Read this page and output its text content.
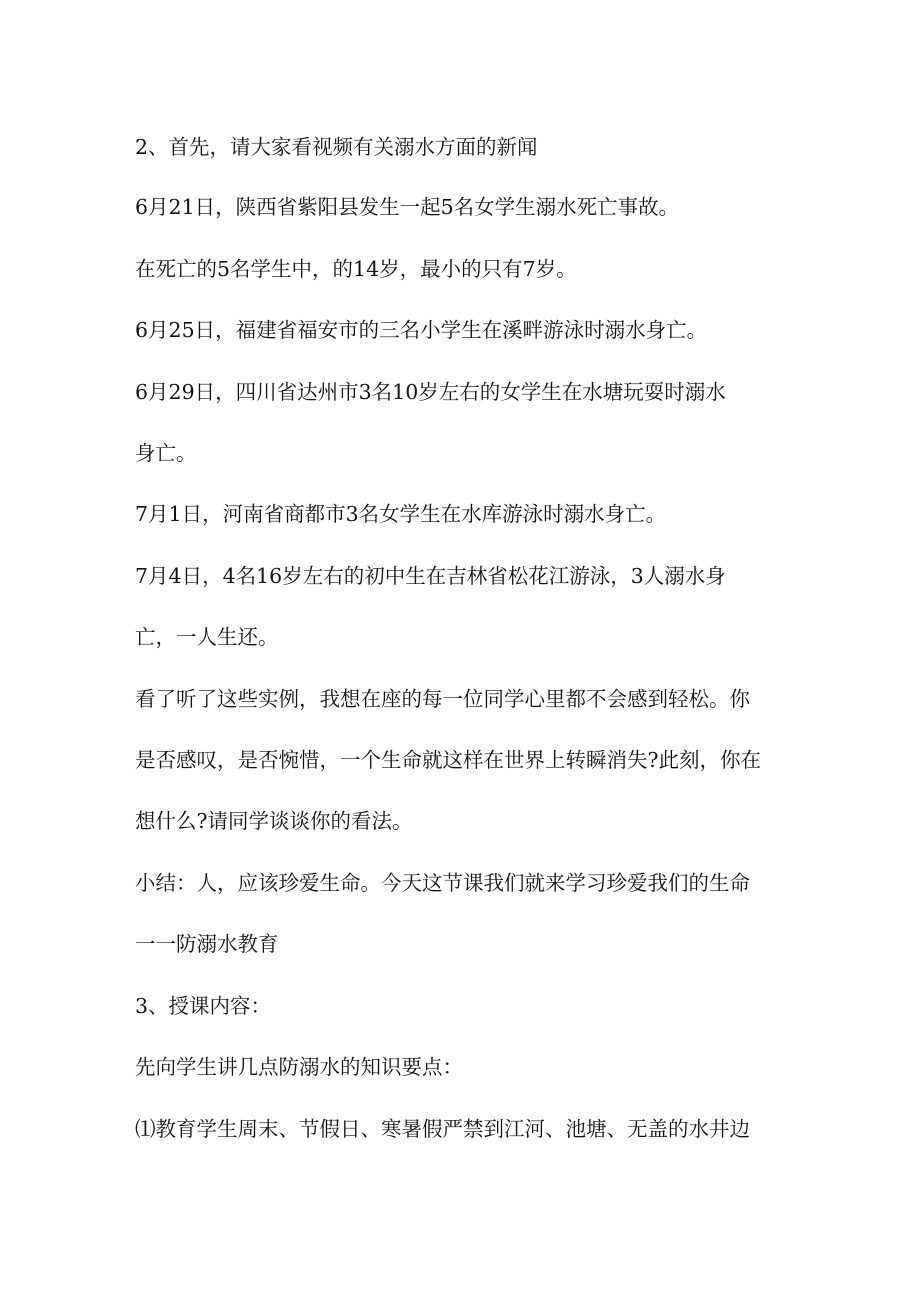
2、首先，请大家看视频有关溺水方面的新闻

6月21日，陕西省紫阳县发生一起5名女学生溺水死亡事故。

在死亡的5名学生中，的14岁，最小的只有7岁。

6月25日，福建省福安市的三名小学生在溪畔游泳时溺水身亡。

6月29日，四川省达州市3名10岁左右的女学生在水塘玩耍时溺水

身亡。

7月1日，河南省商都市3名女学生在水库游泳时溺水身亡。

7月4日，4名16岁左右的初中生在吉林省松花江游泳，3人溺水身

亡，一人生还。

看了听了这些实例，我想在座的每一位同学心里都不会感到轻松。你

是否感叹，是否惋惜，一个生命就这样在世界上转瞬消失?此刻，你在

想什么?请同学谈谈你的看法。

小结：人，应该珍爱生命。今天这节课我们就来学习珍爱我们的生命

一一防溺水教育

3、授课内容：

先向学生讲几点防溺水的知识要点：

⑴教育学生周末、节假日、寒暑假严禁到江河、池塘、无盖的水井边
